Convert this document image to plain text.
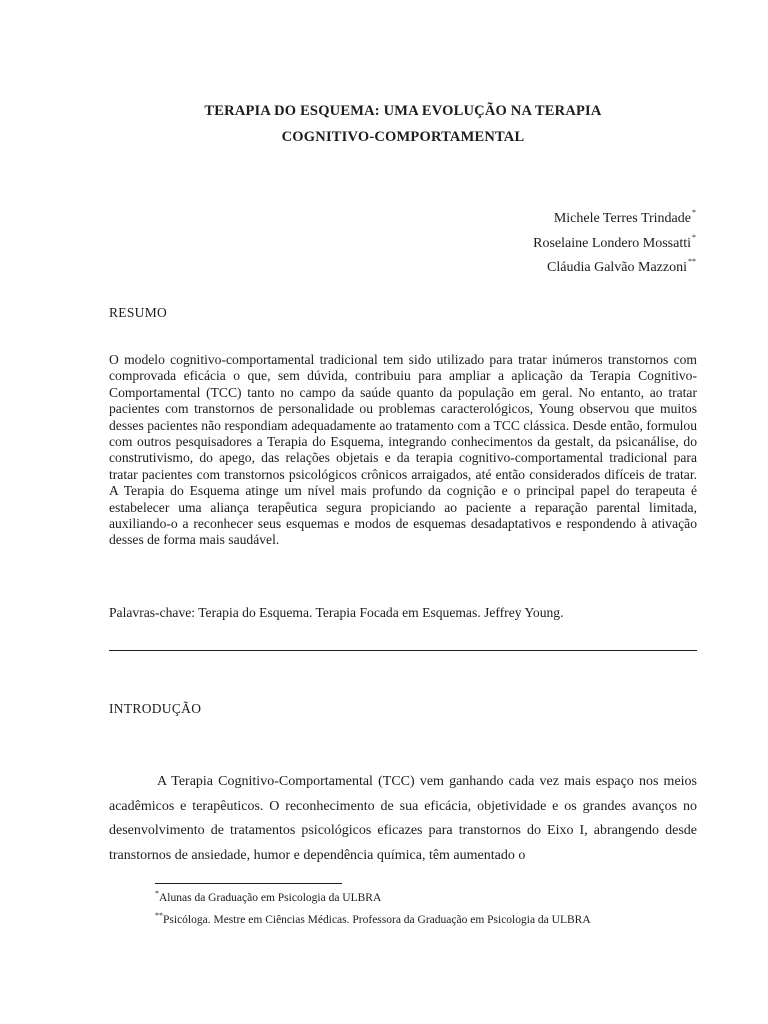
TERAPIA DO ESQUEMA: UMA EVOLUÇÃO NA TERAPIA
COGNITIVO-COMPORTAMENTAL
Michele Terres Trindade*
Roselaine Londero Mossatti*
Cláudia Galvão Mazzoni**
RESUMO
O modelo cognitivo-comportamental tradicional tem sido utilizado para tratar inúmeros transtornos com comprovada eficácia o que, sem dúvida, contribuiu para ampliar a aplicação da Terapia Cognitivo-Comportamental (TCC) tanto no campo da saúde quanto da população em geral. No entanto, ao tratar pacientes com transtornos de personalidade ou problemas caracterológicos, Young observou que muitos desses pacientes não respondiam adequadamente ao tratamento com a TCC clássica. Desde então, formulou com outros pesquisadores a Terapia do Esquema, integrando conhecimentos da gestalt, da psicanálise, do construtivismo, do apego, das relações objetais e da terapia cognitivo-comportamental tradicional para tratar pacientes com transtornos psicológicos crônicos arraigados, até então considerados difíceis de tratar. A Terapia do Esquema atinge um nível mais profundo da cognição e o principal papel do terapeuta é estabelecer uma aliança terapêutica segura propiciando ao paciente a reparação parental limitada, auxiliando-o a reconhecer seus esquemas e modos de esquemas desadaptativos e respondendo à ativação desses de forma mais saudável.
Palavras-chave: Terapia do Esquema. Terapia Focada em Esquemas. Jeffrey Young.
INTRODUÇÃO
A Terapia Cognitivo-Comportamental (TCC) vem ganhando cada vez mais espaço nos meios acadêmicos e terapêuticos. O reconhecimento de sua eficácia, objetividade e os grandes avanços no desenvolvimento de tratamentos psicológicos eficazes para transtornos do Eixo I, abrangendo desde transtornos de ansiedade, humor e dependência química, têm aumentado o
*Alunas da Graduação em Psicologia da ULBRA
**Psicóloga. Mestre em Ciências Médicas. Professora da Graduação em Psicologia da ULBRA
